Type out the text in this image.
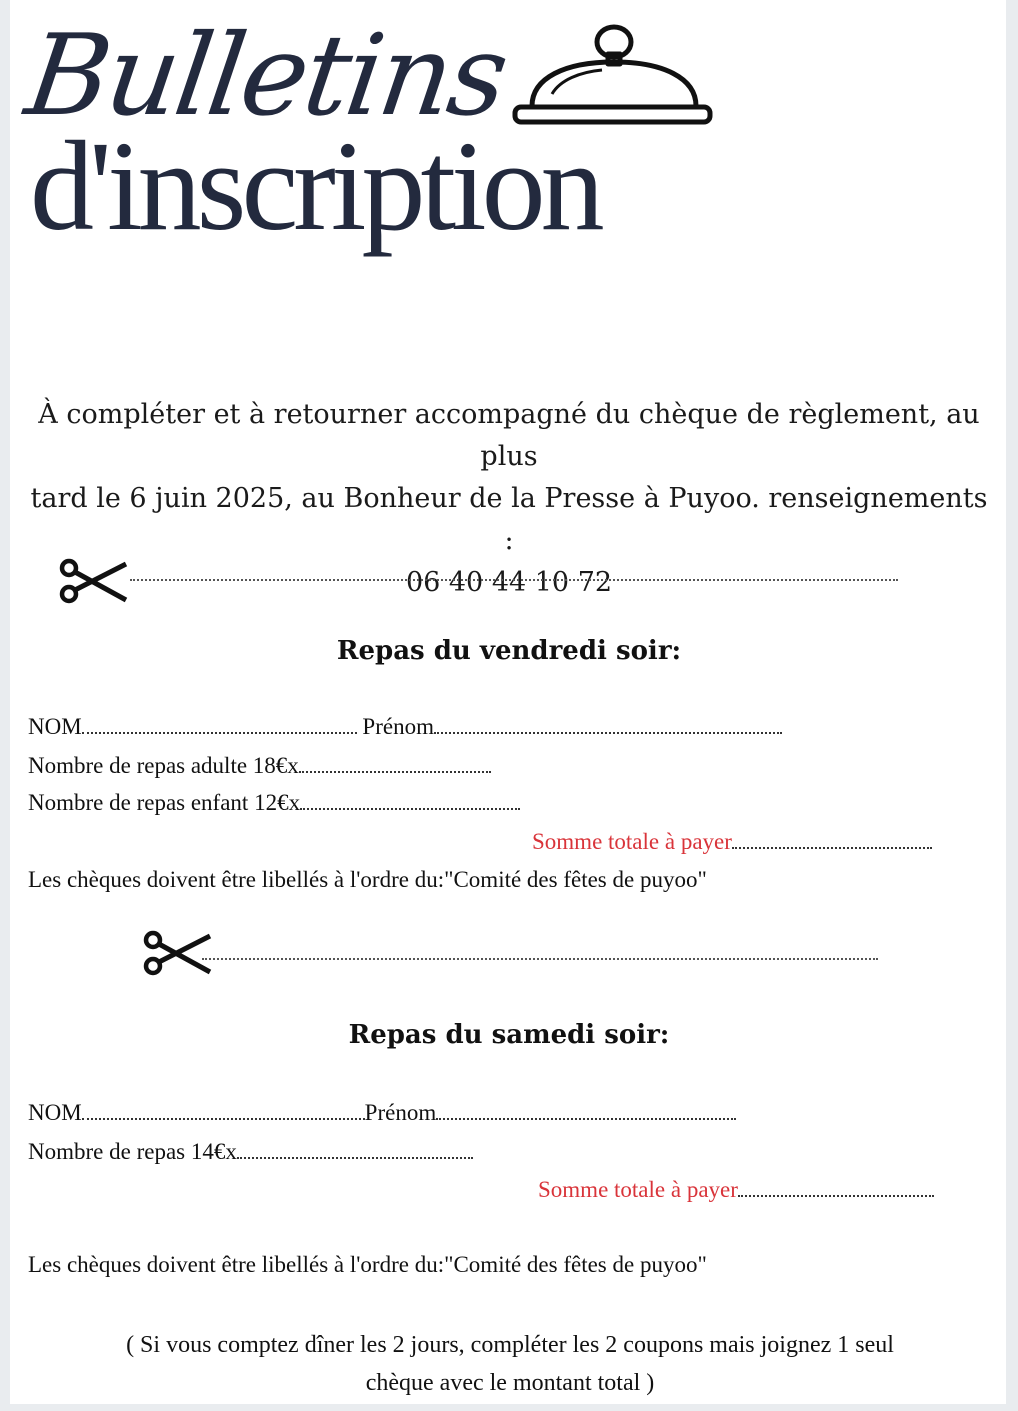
Bulletins
d'inscription
À compléter et à retourner accompagné du chèque de règlement, au plus
tard le 6 juin 2025, au Bonheur de la Presse à Puyoo. renseignements :
06 40 44 10 72
Repas du vendredi soir:
NOM	Prénom
Nombre de repas adulte 18€x
Nombre de repas enfant 12€x
Somme totale à payer
Les chèques doivent être libellés à l'ordre du:"Comité des fêtes de puyoo"
Repas du samedi soir:
NOM	Prénom
Nombre de repas 14€x
Somme totale à payer
Les chèques doivent être libellés à l'ordre du:"Comité des fêtes de puyoo"
( Si vous comptez dîner les 2 jours, compléter les 2 coupons mais joignez 1 seul
chèque avec le montant total )
